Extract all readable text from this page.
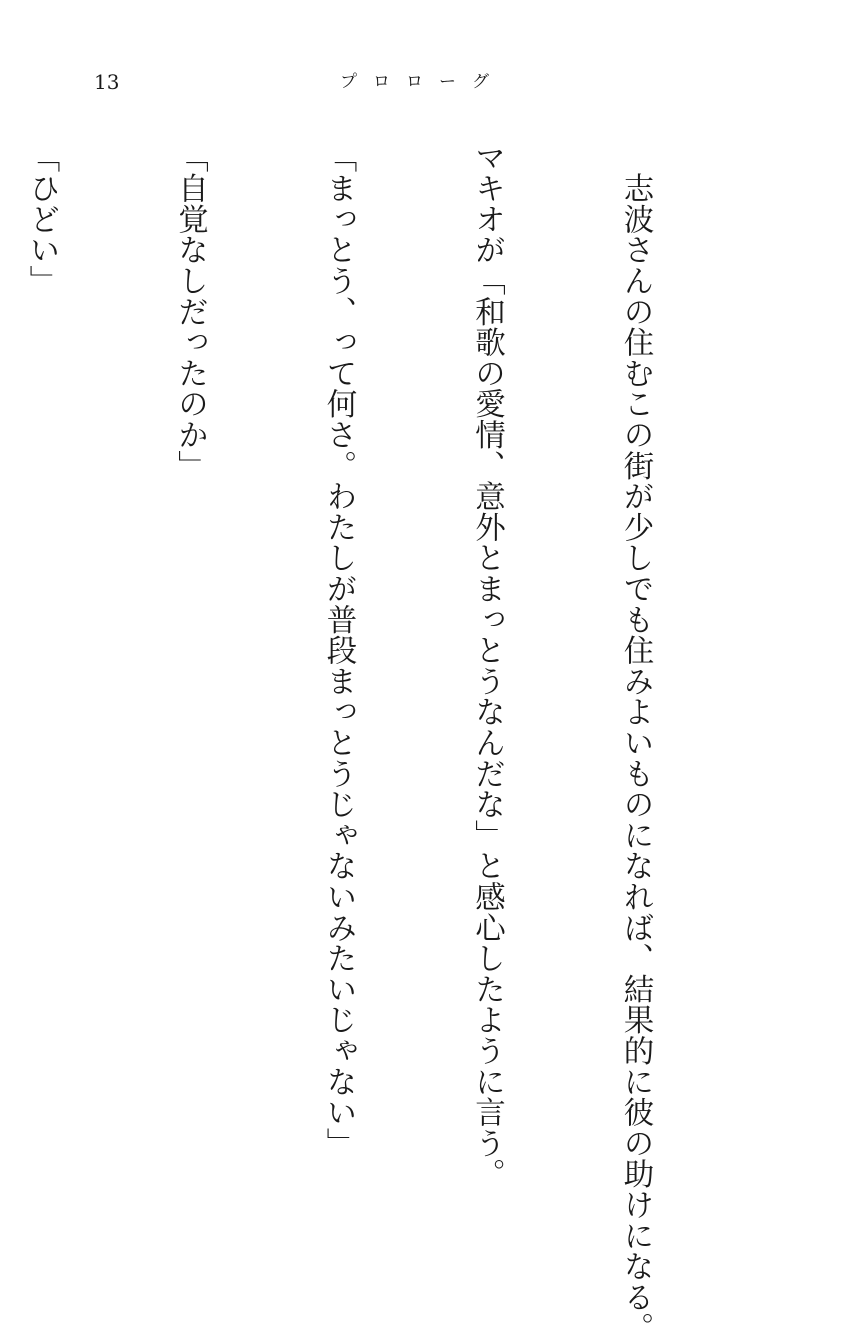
13	プロローグ

　志波さんの住むこの街が少しでも住みよいものになれば、結果的に彼の助けになる。

マキオが「和歌の愛情、意外とまっとうなんだな」と感心したように言う。

「まっとう、って何さ。わたしが普段まっとうじゃないみたいじゃない」

「自覚なしだったのか」

「ひどい」
